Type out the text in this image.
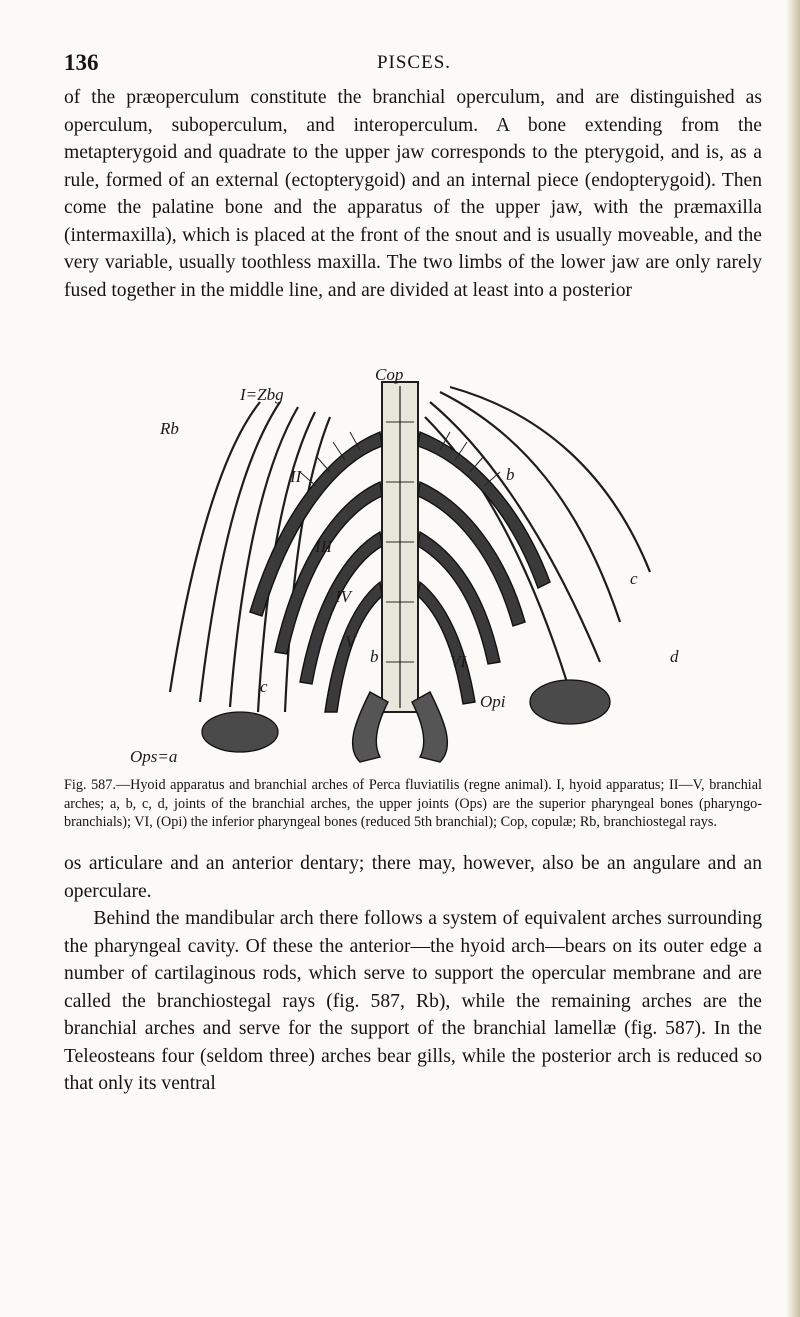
136	PISCES.
of the præoperculum constitute the branchial operculum, and are distinguished as operculum, suboperculum, and interoperculum. A bone extending from the metapterygoid and quadrate to the upper jaw corresponds to the pterygoid, and is, as a rule, formed of an external (ectopterygoid) and an internal piece (endopterygoid). Then come the palatine bone and the apparatus of the upper jaw, with the præmaxilla (intermaxilla), which is placed at the front of the snout and is usually moveable, and the very variable, usually toothless maxilla. The two limbs of the lower jaw are only rarely fused together in the middle line, and are divided at least into a posterior
Cop
I=Zbg
Rb
b
c
d
VI
Opi
Ops=a
II
III
IV
V
c
b

Fig. 587.—Hyoid apparatus and branchial arches of Perca fluviatilis (regne animal). I, hyoid apparatus; II—V, branchial arches; a, b, c, d, joints of the branchial arches, the upper joints (Ops) are the superior pharyngeal bones (pharyngo-branchials); VI, (Opi) the inferior pharyngeal bones (reduced 5th branchial); Cop, copulæ; Rb, branchiostegal rays.

os articulare and an anterior dentary; there may, however, also be an angulare and an operculare.

Behind the mandibular arch there follows a system of equivalent arches surrounding the pharyngeal cavity. Of these the anterior—the hyoid arch—bears on its outer edge a number of cartilaginous rods, which serve to support the opercular membrane and are called the branchiostegal rays (fig. 587, Rb), while the remaining arches are the branchial arches and serve for the support of the branchial lamellæ (fig. 587). In the Teleosteans four (seldom three) arches bear gills, while the posterior arch is reduced so that only its ventral
